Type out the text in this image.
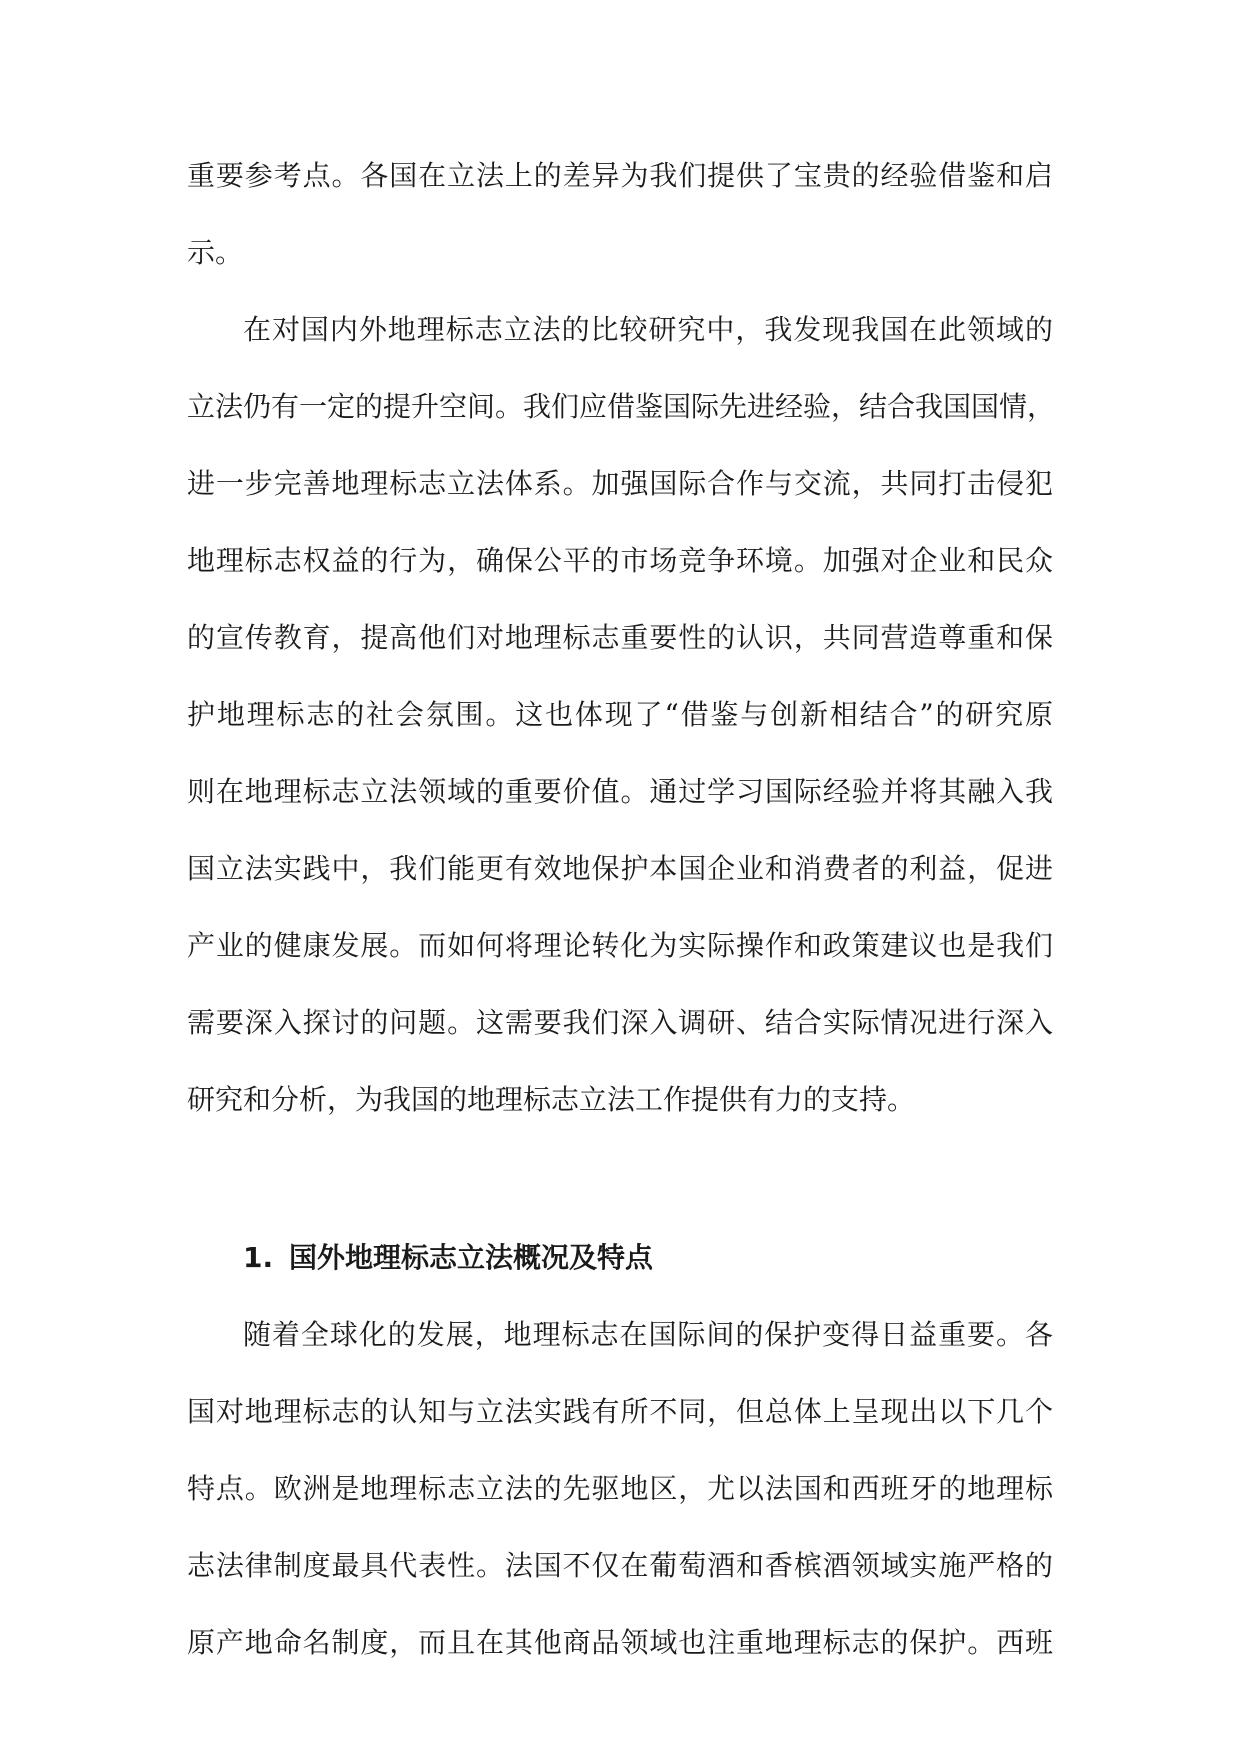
重要参考点。各国在立法上的差异为我们提供了宝贵的经验借鉴和启
示。
在对国内外地理标志立法的比较研究中，我发现我国在此领域的
立法仍有一定的提升空间。我们应借鉴国际先进经验，结合我国国情，
进一步完善地理标志立法体系。加强国际合作与交流，共同打击侵犯
地理标志权益的行为，确保公平的市场竞争环境。加强对企业和民众
的宣传教育，提高他们对地理标志重要性的认识，共同营造尊重和保
护地理标志的社会氛围。这也体现了“借鉴与创新相结合”的研究原
则在地理标志立法领域的重要价值。通过学习国际经验并将其融入我
国立法实践中，我们能更有效地保护本国企业和消费者的利益，促进
产业的健康发展。而如何将理论转化为实际操作和政策建议也是我们
需要深入探讨的问题。这需要我们深入调研、结合实际情况进行深入
研究和分析，为我国的地理标志立法工作提供有力的支持。
1. 国外地理标志立法概况及特点
随着全球化的发展，地理标志在国际间的保护变得日益重要。各
国对地理标志的认知与立法实践有所不同，但总体上呈现出以下几个
特点。欧洲是地理标志立法的先驱地区，尤以法国和西班牙的地理标
志法律制度最具代表性。法国不仅在葡萄酒和香槟酒领域实施严格的
原产地命名制度，而且在其他商品领域也注重地理标志的保护。西班
